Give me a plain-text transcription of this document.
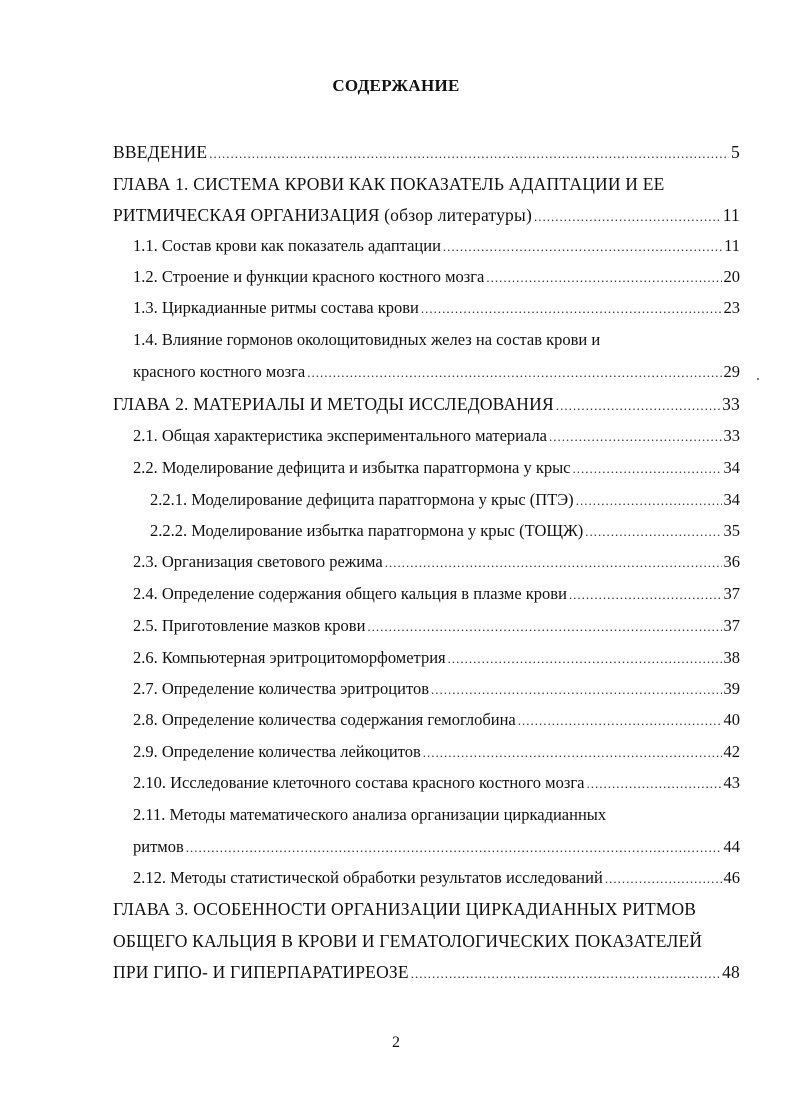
СОДЕРЖАНИЕ
ВВЕДЕНИЕ .....	5
ГЛАВА 1. СИСТЕМА КРОВИ КАК ПОКАЗАТЕЛЬ АДАПТАЦИИ И ЕЕ
РИТМИЧЕСКАЯ ОРГАНИЗАЦИЯ (обзор литературы) .....	11
1.1. Состав крови как показатель адаптации .....	11
1.2. Строение и функции красного костного мозга .....	20
1.3. Циркадианные ритмы состава крови .....	23
1.4. Влияние гормонов околощитовидных желез на состав крови и
красного костного мозга .....	29
ГЛАВА 2. МАТЕРИАЛЫ И МЕТОДЫ ИССЛЕДОВАНИЯ .....	33
2.1. Общая характеристика экспериментального материала .....	33
2.2. Моделирование дефицита и избытка паратгормона у крыс .....	34
2.2.1. Моделирование дефицита паратгормона у крыс (ПТЭ) .....	34
2.2.2. Моделирование избытка паратгормона у крыс (ТОЩЖ) .....	35
2.3. Организация светового режима .....	36
2.4. Определение содержания общего кальция в плазме крови .....	37
2.5. Приготовление мазков крови .....	37
2.6. Компьютерная эритроцитоморфометрия .....	38
2.7. Определение количества эритроцитов .....	39
2.8. Определение количества содержания гемоглобина .....	40
2.9. Определение количества лейкоцитов .....	42
2.10. Исследование клеточного состава красного костного мозга .....	43
2.11. Методы математического анализа организации циркадианных
ритмов .....	44
2.12. Методы статистической обработки результатов исследований .....	46
ГЛАВА 3. ОСОБЕННОСТИ ОРГАНИЗАЦИИ ЦИРКАДИАННЫХ РИТМОВ
ОБЩЕГО КАЛЬЦИЯ В КРОВИ И ГЕМАТОЛОГИЧЕСКИХ ПОКАЗАТЕЛЕЙ
ПРИ ГИПО- И ГИПЕРПАРАТИРЕОЗЕ .....	48
2
